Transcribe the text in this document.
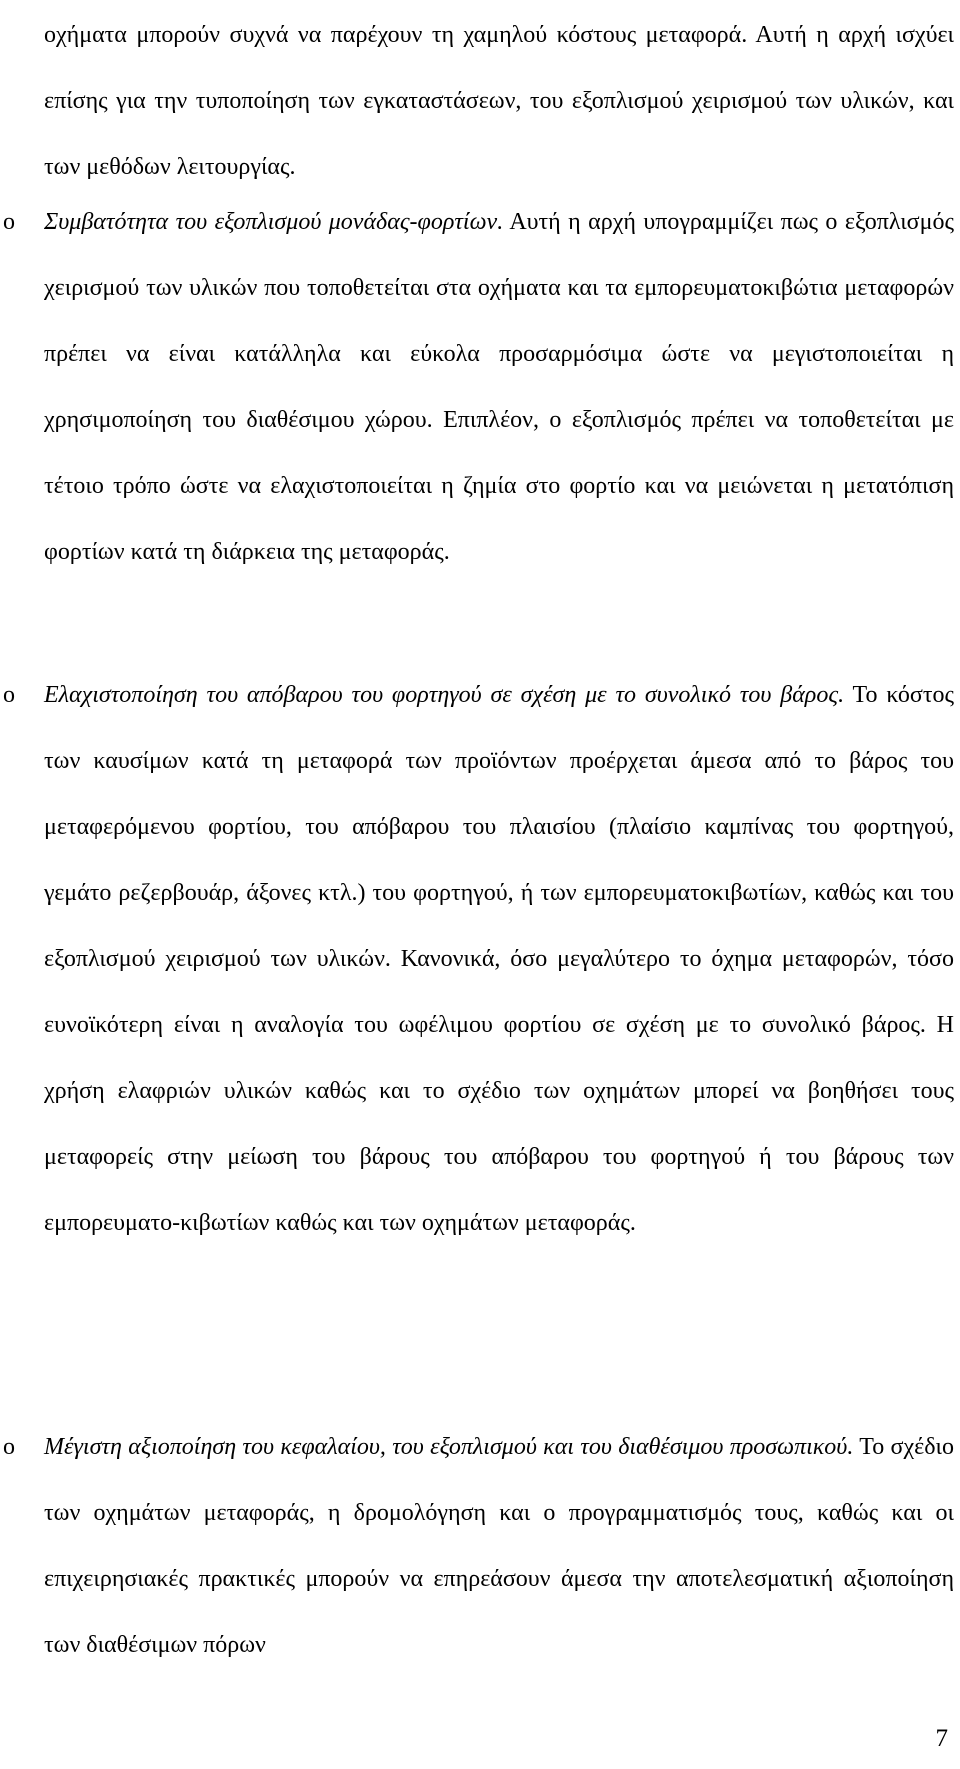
οχήματα μπορούν συχνά να παρέχουν τη χαμηλού κόστους μεταφορά. Αυτή η αρχή ισχύει επίσης για την τυποποίηση των εγκαταστάσεων, του εξοπλισμού χειρισμού των υλικών, και των μεθόδων λειτουργίας.

o Συμβατότητα του εξοπλισμού μονάδας-φορτίων. Αυτή η αρχή υπογραμμίζει πως ο εξοπλισμός χειρισμού των υλικών που τοποθετείται στα οχήματα και τα εμπορευματοκιβώτια μεταφορών πρέπει να είναι κατάλληλα και εύκολα προσαρμόσιμα ώστε να μεγιστοποιείται η χρησιμοποίηση του διαθέσιμου χώρου. Επιπλέον, ο εξοπλισμός πρέπει να τοποθετείται με τέτοιο τρόπο ώστε να ελαχιστοποιείται η ζημία στο φορτίο και να μειώνεται η μετατόπιση φορτίων κατά τη διάρκεια της μεταφοράς.

o Ελαχιστοποίηση του απόβαρου του φορτηγού σε σχέση με το συνολικό του βάρος. Το κόστος των καυσίμων κατά τη μεταφορά των προϊόντων προέρχεται άμεσα από το βάρος του μεταφερόμενου φορτίου, του απόβαρου του πλαισίου (πλαίσιο καμπίνας του φορτηγού, γεμάτο ρεζερβουάρ, άξονες κτλ.) του φορτηγού, ή των εμπορευματοκιβωτίων, καθώς και του εξοπλισμού χειρισμού των υλικών. Κανονικά, όσο μεγαλύτερο το όχημα μεταφορών, τόσο ευνοϊκότερη είναι η αναλογία του ωφέλιμου φορτίου σε σχέση με το συνολικό βάρος. Η χρήση ελαφριών υλικών καθώς και το σχέδιο των οχημάτων μπορεί να βοηθήσει τους μεταφορείς στην μείωση του βάρους του απόβαρου του φορτηγού ή του βάρους των εμπορευματο-κιβωτίων καθώς και των οχημάτων μεταφοράς.

o Μέγιστη αξιοποίηση του κεφαλαίου, του εξοπλισμού και του διαθέσιμου προσωπικού. Το σχέδιο των οχημάτων μεταφοράς, η δρομολόγηση και ο προγραμματισμός τους, καθώς και οι επιχειρησιακές πρακτικές μπορούν να επηρεάσουν άμεσα την αποτελεσματική αξιοποίηση των διαθέσιμων πόρων

7
